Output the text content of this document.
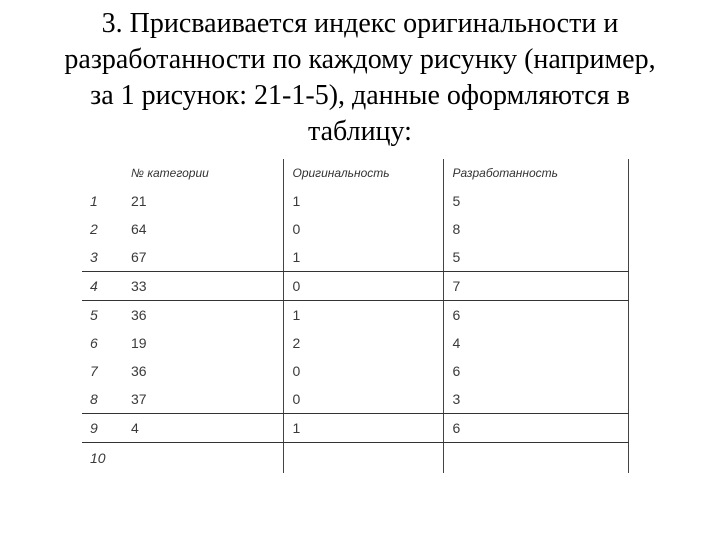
3. Присваивается индекс оригинальности и
разработанности по каждому рисунку (например,
за 1 рисунок: 21-1-5), данные оформляются в
таблицу:
	№ категории	Оригинальность	Разработанность
1	21	1	5
2	64	0	8
3	67	1	5
4	33	0	7
5	36	1	6
6	19	2	4
7	36	0	6
8	37	0	3
9	4	1	6
10			
